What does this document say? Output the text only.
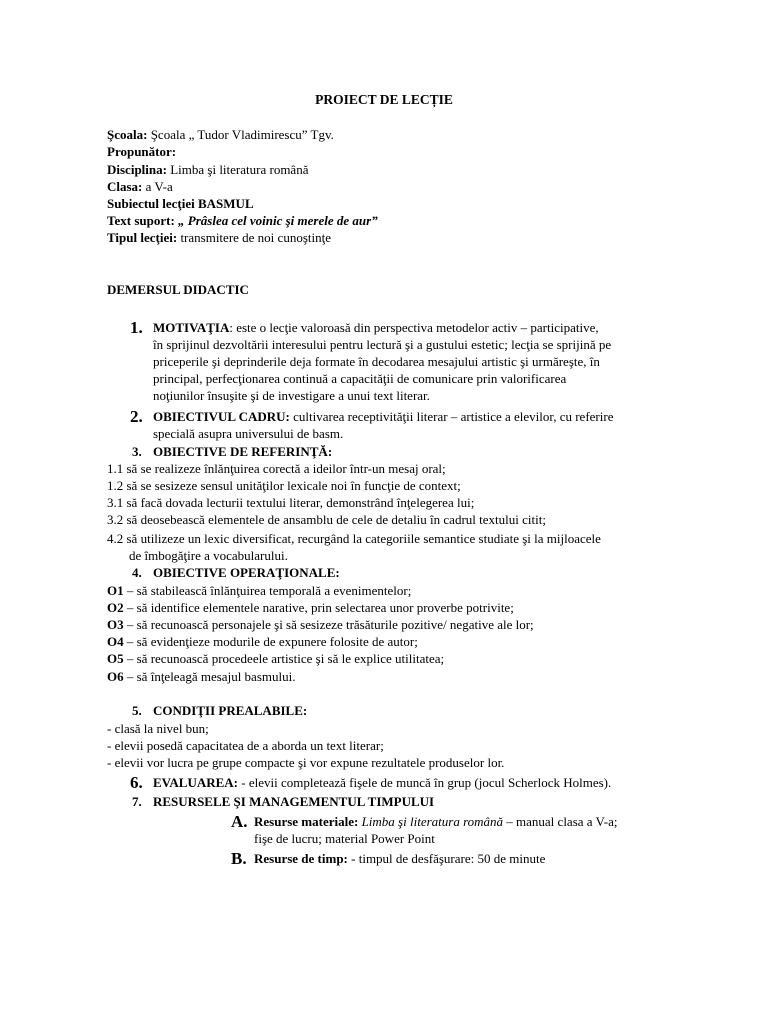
PROIECT DE LECȚIE
Şcoala: Şcoala „ Tudor Vladimirescu” Tgv.
Propunător:
Disciplina: Limba şi literatura română
Clasa: a V-a
Subiectul lecţiei BASMUL
Text suport: „ Prâslea cel voinic şi merele de aur”
Tipul lecţiei: transmitere de noi cunoştinţe
DEMERSUL DIDACTIC
1. MOTIVAŢIA: este o lecţie valoroasă din perspectiva metodelor activ – participative,
în sprijinul dezvoltării interesului pentru lectură şi a gustului estetic; lecţia se sprijină pe
priceperile şi deprinderile deja formate în decodarea mesajului artistic şi urmăreşte, în
principal, perfecţionarea continuă a capacităţii de comunicare prin valorificarea
noţiunilor însuşite şi de investigare a unui text literar.
2. OBIECTIVUL CADRU: cultivarea receptivităţii literar – artistice a elevilor, cu referire
specială asupra universului de basm.
3. OBIECTIVE DE REFERINŢĂ:
1.1 să se realizeze înlănţuirea corectă a ideilor într-un mesaj oral;
1.2 să se sesizeze sensul unităţilor lexicale noi în funcţie de context;
3.1 să facă dovada lecturii textului literar, demonstrând înţelegerea lui;
3.2 să deosebească elementele de ansamblu de cele de detaliu în cadrul textului citit;
4.2 să utilizeze un lexic diversificat, recurgând la categoriile semantice studiate şi la mijloacele
de îmbogăţire a vocabularului.
4. OBIECTIVE OPERAŢIONALE:
O1 – să stabilească înlănţuirea temporală a evenimentelor;
O2 – să identifice elementele narative, prin selectarea unor proverbe potrivite;
O3 – să recunoască personajele şi să sesizeze trăsăturile pozitive/ negative ale lor;
O4 – să evidenţieze modurile de expunere folosite de autor;
O5 – să recunoască procedeele artistice şi să le explice utilitatea;
O6 – să înţeleagă mesajul basmului.
5. CONDIŢII PREALABILE:
- clasă la nivel bun;
- elevii posedă capacitatea de a aborda un text literar;
- elevii vor lucra pe grupe compacte şi vor expune rezultatele produselor lor.
6. EVALUAREA: - elevii completează fişele de muncă în grup (jocul Scherlock Holmes).
7. RESURSELE ŞI MANAGEMENTUL TIMPULUI
A. Resurse materiale: Limba şi literatura română – manual clasa a V-a;
fişe de lucru; material Power Point
B. Resurse de timp: - timpul de desfăşurare: 50 de minute
